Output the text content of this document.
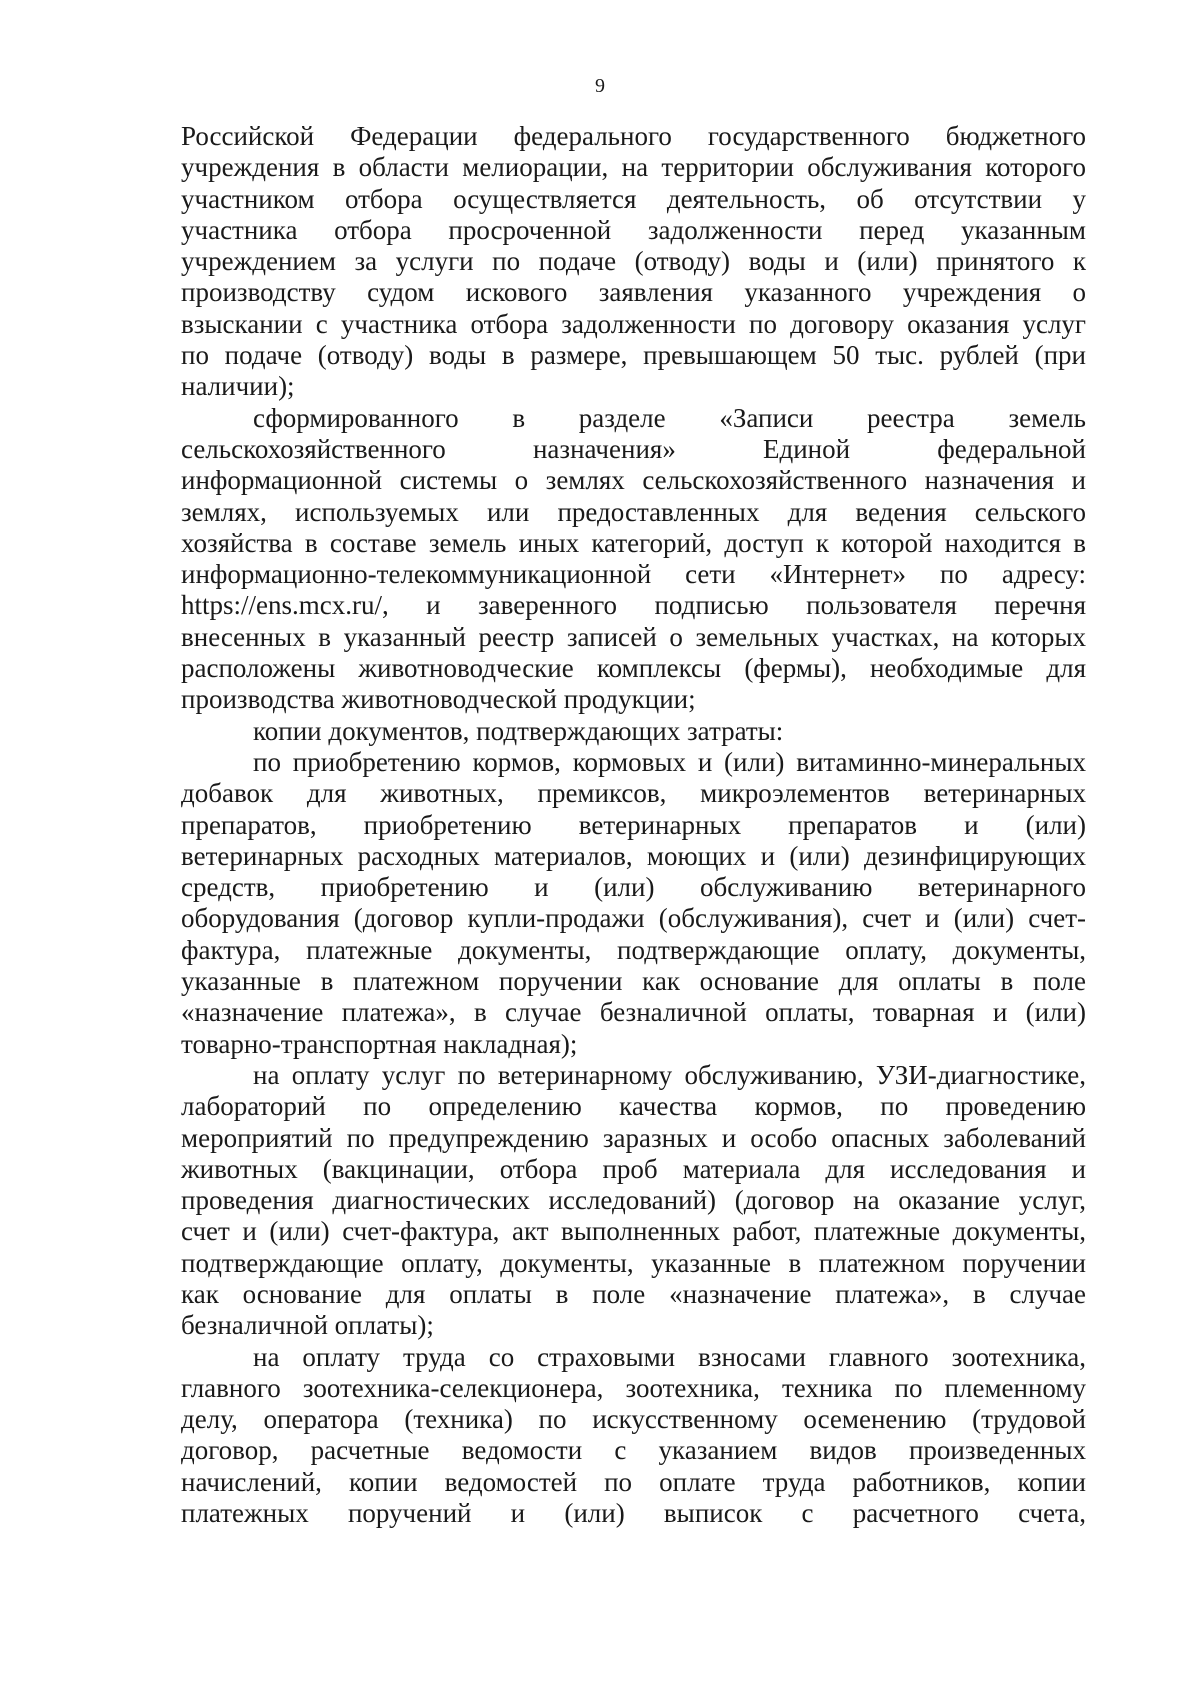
9
Российской Федерации федерального государственного бюджетного
учреждения в области мелиорации, на территории обслуживания которого
участником отбора осуществляется деятельность, об отсутствии у
участника отбора просроченной задолженности перед указанным
учреждением за услуги по подаче (отводу) воды и (или) принятого к
производству судом искового заявления указанного учреждения о
взыскании с участника отбора задолженности по договору оказания услуг
по подаче (отводу) воды в размере, превышающем 50 тыс. рублей (при
наличии);
сформированного в разделе «Записи реестра земель
сельскохозяйственного назначения» Единой федеральной
информационной системы о землях сельскохозяйственного назначения и
землях, используемых или предоставленных для ведения сельского
хозяйства в составе земель иных категорий, доступ к которой находится в
информационно-телекоммуникационной сети «Интернет» по адресу:
https://ens.mcx.ru/, и заверенного подписью пользователя перечня
внесенных в указанный реестр записей о земельных участках, на которых
расположены животноводческие комплексы (фермы), необходимые для
производства животноводческой продукции;
копии документов, подтверждающих затраты:
по приобретению кормов, кормовых и (или) витаминно-минеральных
добавок для животных, премиксов, микроэлементов ветеринарных
препаратов, приобретению ветеринарных препаратов и (или)
ветеринарных расходных материалов, моющих и (или) дезинфицирующих
средств, приобретению и (или) обслуживанию ветеринарного
оборудования (договор купли-продажи (обслуживания), счет и (или) счет-
фактура, платежные документы, подтверждающие оплату, документы,
указанные в платежном поручении как основание для оплаты в поле
«назначение платежа», в случае безналичной оплаты, товарная и (или)
товарно-транспортная накладная);
на оплату услуг по ветеринарному обслуживанию, УЗИ-диагностике,
лабораторий по определению качества кормов, по проведению
мероприятий по предупреждению заразных и особо опасных заболеваний
животных (вакцинации, отбора проб материала для исследования и
проведения диагностических исследований) (договор на оказание услуг,
счет и (или) счет-фактура, акт выполненных работ, платежные документы,
подтверждающие оплату, документы, указанные в платежном поручении
как основание для оплаты в поле «назначение платежа», в случае
безналичной оплаты);
на оплату труда со страховыми взносами главного зоотехника,
главного зоотехника-селекционера, зоотехника, техника по племенному
делу, оператора (техника) по искусственному осеменению (трудовой
договор, расчетные ведомости с указанием видов произведенных
начислений, копии ведомостей по оплате труда работников, копии
платежных поручений и (или) выписок с расчетного счета,
